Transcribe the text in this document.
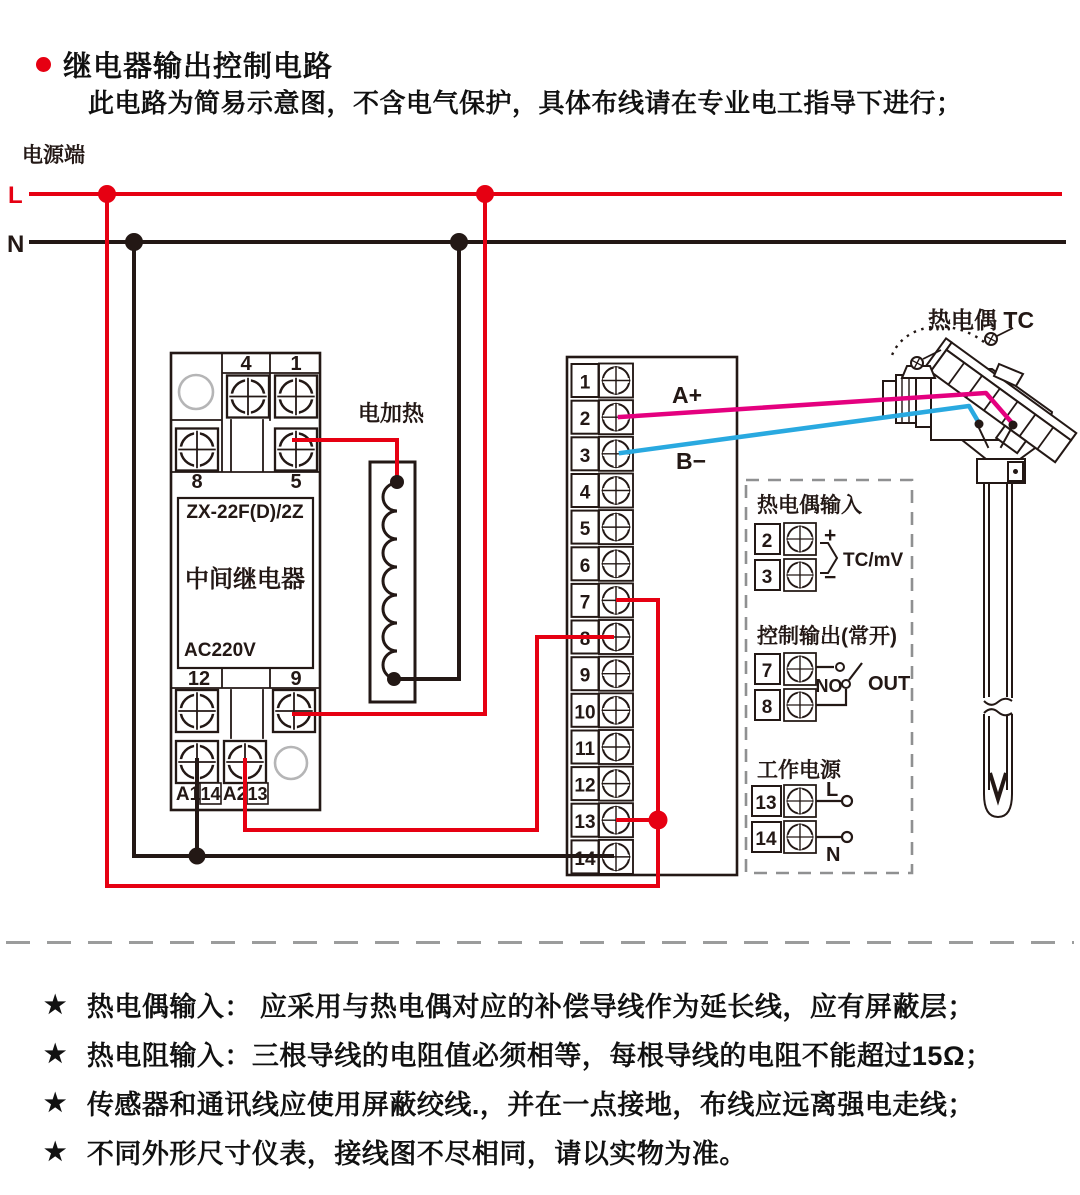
继电器输出控制电路
此电路为简易示意图，不含电气保护，具体布线请在专业电工指导下进行；
电源端
L
N
4 1
8	5
ZX-22F(D)/2Z
中间继电器
AC220V
12	9
A1 14 A2 13
电加热
1
2
3
4
5
6
7
8
9
10
11
12
13
14
A+
B−
热电偶输入
2
3
+
−
TC/mV
控制输出(常开)
7
8
NO OUT
工作电源
13
L
14
N
热电偶 TC
★ 热电偶输入： 应采用与热电偶对应的补偿导线作为延长线，应有屏蔽层；
★ 热电阻输入：三根导线的电阻值必须相等，每根导线的电阻不能超过15Ω；
★ 传感器和通讯线应使用屏蔽绞线.，并在一点接地，布线应远离强电走线；
★ 不同外形尺寸仪表，接线图不尽相同，请以实物为准。
